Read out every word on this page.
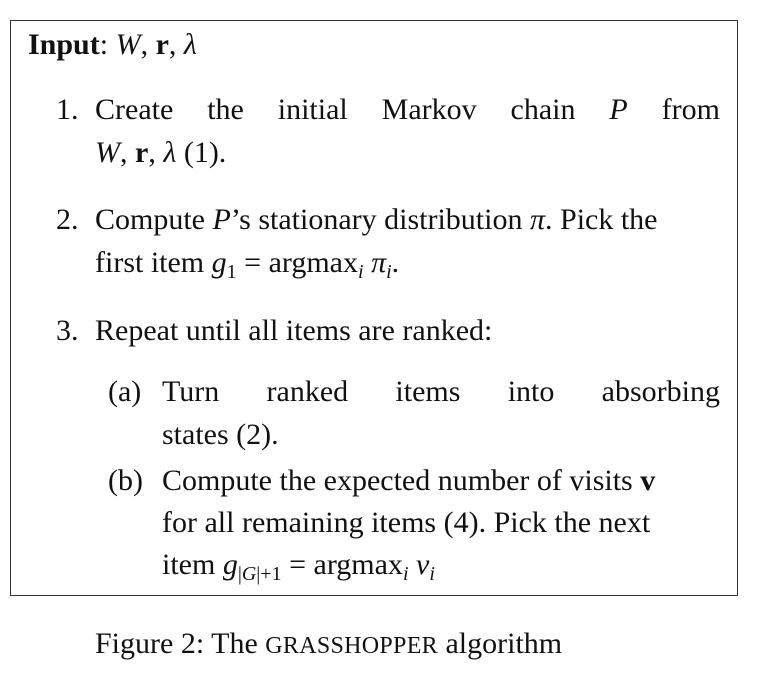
Input: W, r, λ
1. Create the initial Markov chain P from
W, r, λ (1).
2. Compute P’s stationary distribution π. Pick the
first item $g_1 = argmax_i$ $\pi_i$.
3. Repeat until all items are ranked:
(a) Turn ranked items into absorbing
states (2).
(b) Compute the expected number of visits v
for all remaining items (4). Pick the next
item $g_{|G|+1} = argmax_i$ $v_i$
Figure 2: The GRASSHOPPER algorithm
